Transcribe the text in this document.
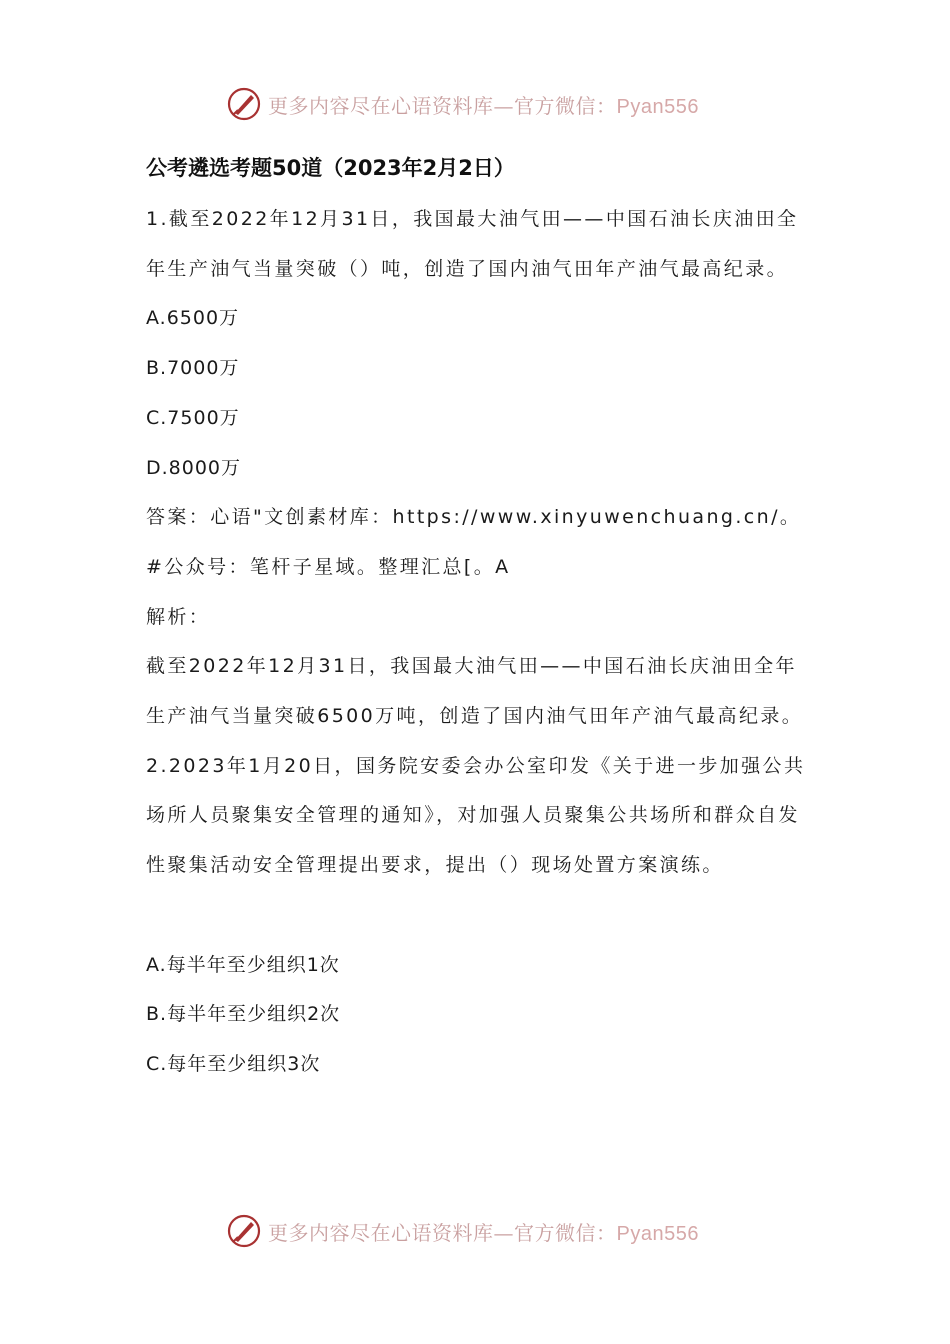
更多内容尽在心语资料库—官方微信：Pyan556
公考遴选考题50道（2023年2月2日）

1.截至2022年12月31日，我国最大油气田——中国石油长庆油田全年生产油气当量突破（）吨，创造了国内油气田年产油气最高纪录。

A.6500万

B.7000万

C.7500万

D.8000万

答案：心语"文创素材库：https://www.xinyuwenchuang.cn/。#公众号：笔杆子星域。整理汇总[。A

解析：

截至2022年12月31日，我国最大油气田——中国石油长庆油田全年生产油气当量突破6500万吨，创造了国内油气田年产油气最高纪录。

2.2023年1月20日，国务院安委会办公室印发《关于进一步加强公共场所人员聚集安全管理的通知》，对加强人员聚集公共场所和群众自发性聚集活动安全管理提出要求，提出（）现场处置方案演练。

A.每半年至少组织1次

B.每半年至少组织2次

C.每年至少组织3次

更多内容尽在心语资料库—官方微信：Pyan556
